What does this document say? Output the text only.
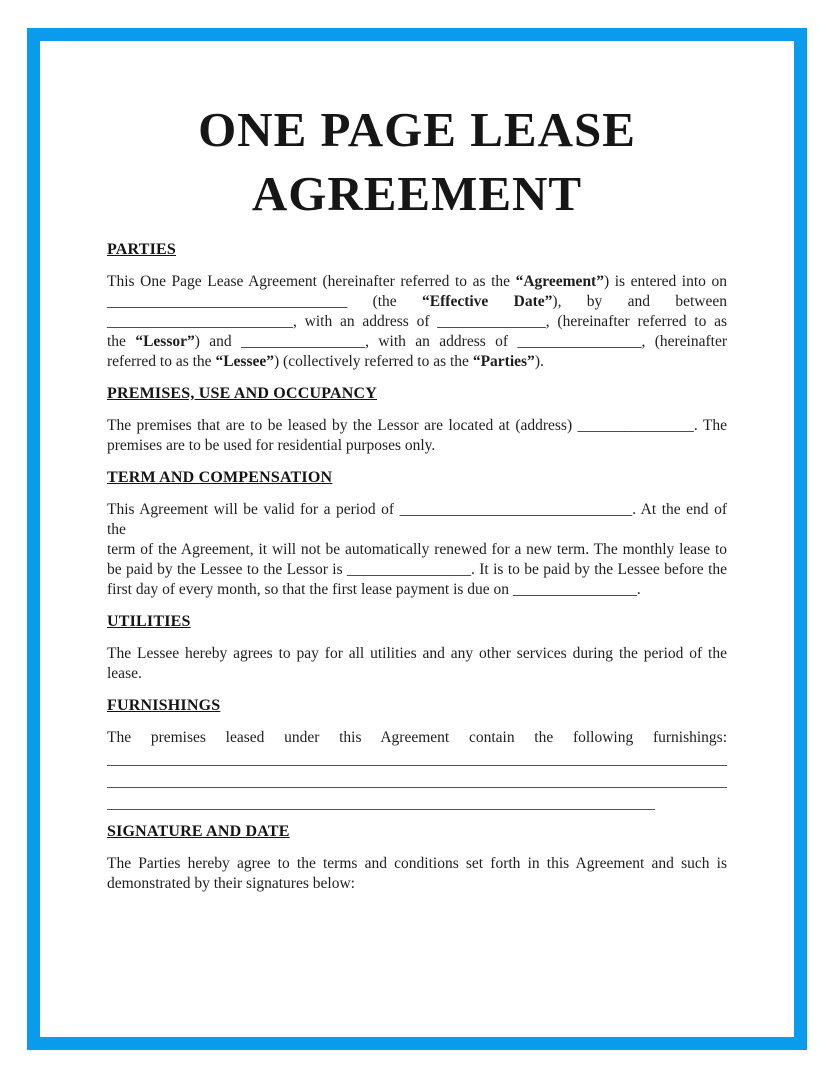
ONE PAGE LEASE
AGREEMENT
PARTIES
This One Page Lease Agreement (hereinafter referred to as the “Agreement”) is entered into on
_______________________________ (the “Effective Date”), by and between
________________________, with an address of ______________, (hereinafter referred to as
the “Lessor”) and ________________, with an address of ________________, (hereinafter
referred to as the “Lessee”) (collectively referred to as the “Parties”).
PREMISES, USE AND OCCUPANCY
The premises that are to be leased by the Lessor are located at (address) _______________. The
premises are to be used for residential purposes only.
TERM AND COMPENSATION
This Agreement will be valid for a period of ______________________________. At the end of the
term of the Agreement, it will not be automatically renewed for a new term. The monthly lease to
be paid by the Lessee to the Lessor is ________________. It is to be paid by the Lessee before the
first day of every month, so that the first lease payment is due on ________________.
UTILITIES
The Lessee hereby agrees to pay for all utilities and any other services during the period of the
lease.
FURNISHINGS
The premises leased under this Agreement contain the following furnishings:
SIGNATURE AND DATE
The Parties hereby agree to the terms and conditions set forth in this Agreement and such is
demonstrated by their signatures below:
